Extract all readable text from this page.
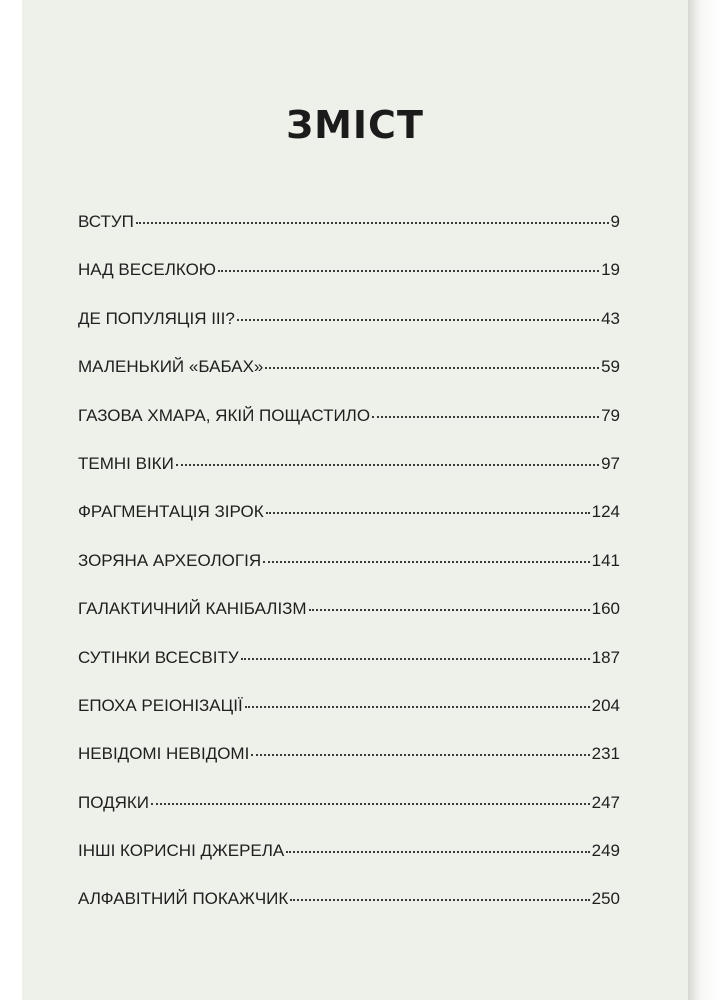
ЗМІСТ
ВСТУП	9
НАД ВЕСЕЛКОЮ	19
ДЕ ПОПУЛЯЦІЯ III?	43
МАЛЕНЬКИЙ «БАБАХ»	59
ГАЗОВА ХМАРА, ЯКІЙ ПОЩАСТИЛО	79
ТЕМНІ ВІКИ	97
ФРАГМЕНТАЦІЯ ЗІРОК	124
ЗОРЯНА АРХЕОЛОГІЯ	141
ГАЛАКТИЧНИЙ КАНІБАЛІЗМ	160
СУТІНКИ ВСЕСВІТУ	187
ЕПОХА РЕІОНІЗАЦІЇ	204
НЕВІДОМІ НЕВІДОМІ	231
ПОДЯКИ	247
ІНШІ КОРИСНІ ДЖЕРЕЛА	249
АЛФАВІТНИЙ ПОКАЖЧИК	250
